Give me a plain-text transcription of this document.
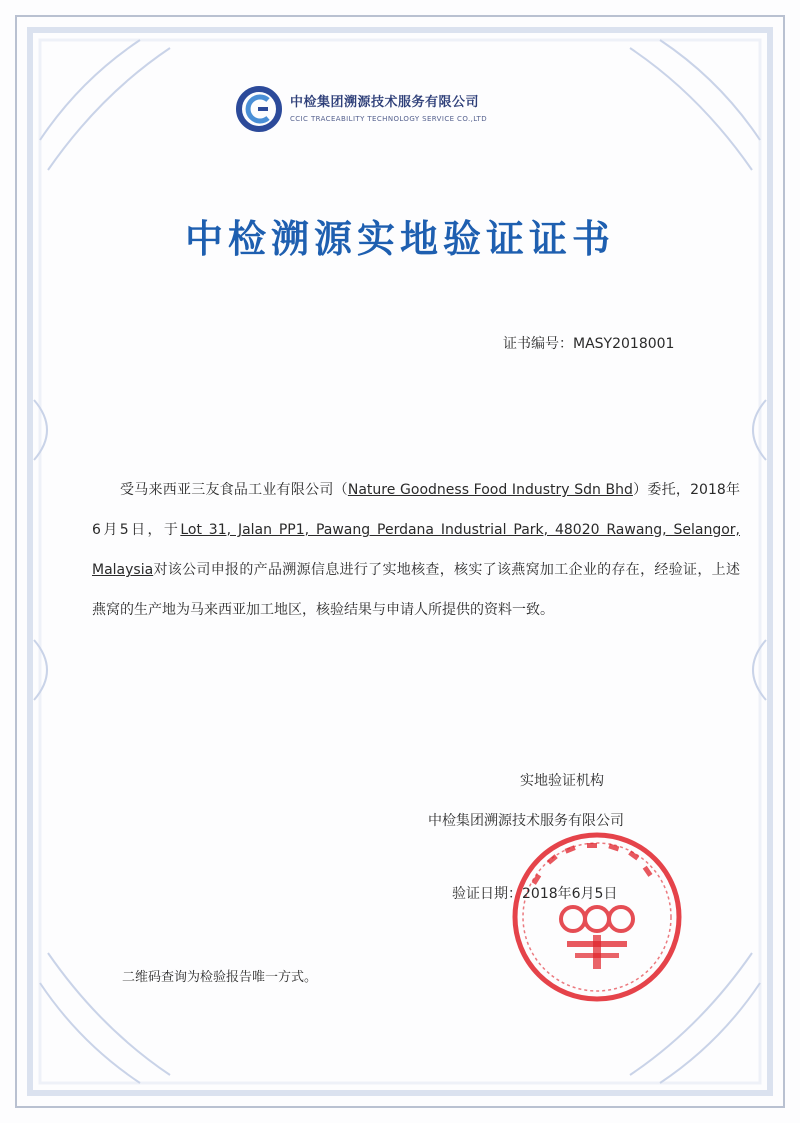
中检集团溯源技术服务有限公司
CCIC TRACEABILITY TECHNOLOGY SERVICE CO.,LTD
中检溯源实地验证证书
证书编号：MASY2018001
受马来西亚三友食品工业有限公司（Nature Goodness Food Industry Sdn Bhd）委托，2018年6月5日，于Lot 31, Jalan PP1, Pawang Perdana Industrial Park, 48020 Rawang, Selangor, Malaysia对该公司申报的产品溯源信息进行了实地核查，核实了该燕窝加工企业的存在，经验证，上述燕窝的生产地为马来西亚加工地区，核验结果与申请人所提供的资料一致。
实地验证机构
中检集团溯源技术服务有限公司
验证日期：2018年6月5日
二维码查询为检验报告唯一方式。
